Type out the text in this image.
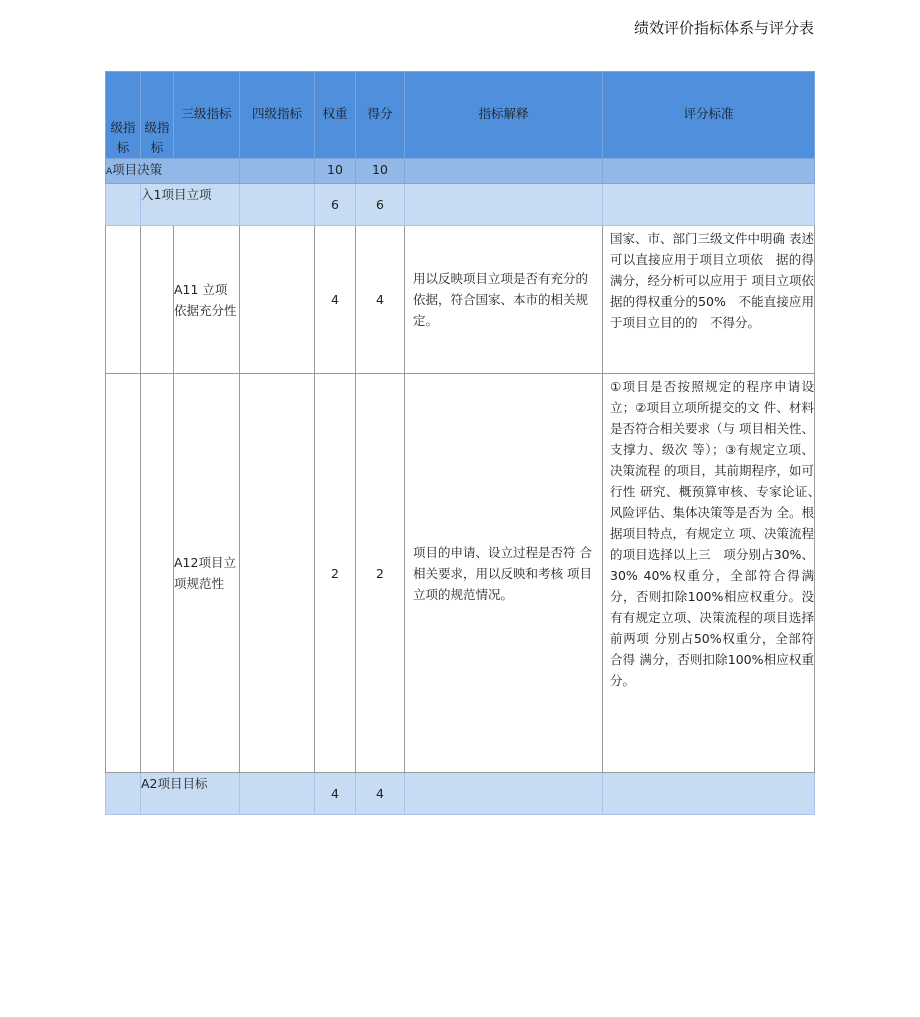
绩效评价指标体系与评分表
级指标	级指标	三级指标	四级指标	权重	得分	指标解释	评分标准
A项目决策				10	10		
	入1项目立项			6	6		
		A11 立项依据充分性		4	4	用以反映项目立项是否有充分的依据，符合国家、本市的相关规定。	国家、市、部门三级文件中明确 表述可以直接应用于项目立项依　据的得满分，经分析可以应用于 项目立项依据的得权重分的50%　不能直接应用于项目立目的的　不得分。
		A12项目立项规范性		2	2	项目的申请、设立过程是否符 合相关要求，用以反映和考核 项目立项的规范情况。	①项目是否按照规定的程序申请设立；②项目立项所提交的文 件、材料是否符合相关要求（与 项目相关性、支撑力、级次 等）；③有规定立项、决策流程 的项目，其前期程序，如可行性 研究、概预算审核、专家论证、　风险评估、集体决策等是否为 全。根据项目特点，有规定立 项、决策流程的项目选择以上三　项分别占30%、30% 40%权重分，全部符合得满分，否则扣除100%相应权重分。没有有规定立项、决策流程的项目选择前两项 分别占50%权重分，全部符合得 满分，否则扣除100%相应权重 分。
	A2项目目标			4	4		
